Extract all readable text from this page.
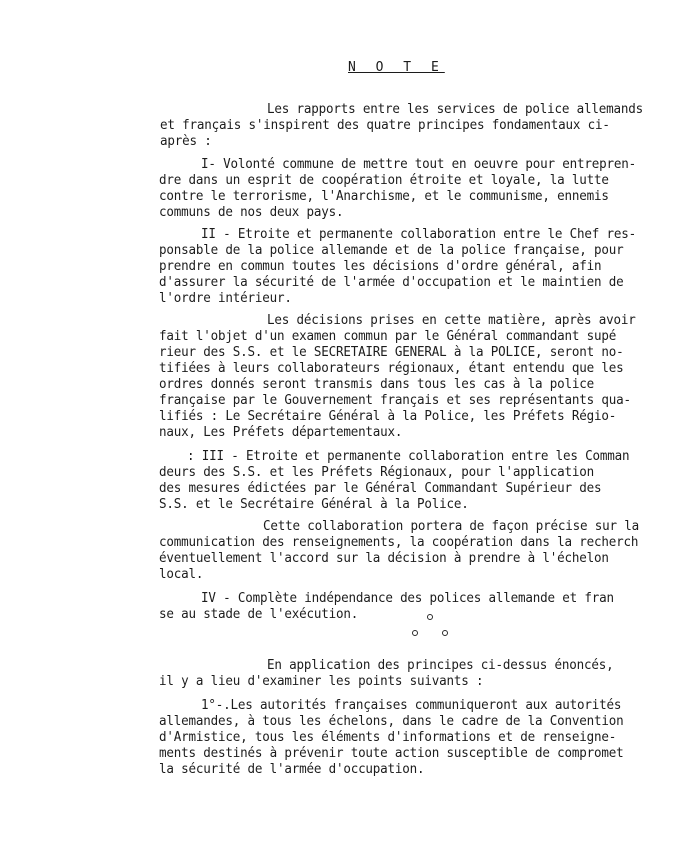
N O T E
Les rapports entre les services de police allemands
et français s'inspirent des quatre principes fondamentaux ci-
après :
I- Volonté commune de mettre tout en oeuvre pour entrepren-
dre dans un esprit de coopération étroite et loyale, la lutte
contre le terrorisme, l'Anarchisme, et le communisme, ennemis
communs de nos deux pays.
II - Etroite et permanente collaboration entre le Chef res-
ponsable de la police allemande et de la police française, pour
prendre en commun toutes les décisions d'ordre général, afin
d'assurer la sécurité de l'armée d'occupation et le maintien de
l'ordre intérieur.
Les décisions prises en cette matière, après avoir
fait l'objet d'un examen commun par le Général commandant supé
rieur des S.S. et le SECRETAIRE GENERAL à la POLICE, seront no-
tifiées à leurs collaborateurs régionaux, étant entendu que les
ordres donnés seront transmis dans tous les cas à la police
française par le Gouvernement français et ses représentants qua-
lifiés : Le Secrétaire Général à la Police, les Préfets Régio-
naux, Les Préfets départementaux.
: III - Etroite et permanente collaboration entre les Comman
deurs des S.S. et les Préfets Régionaux, pour l'application
des mesures édictées par le Général Commandant Supérieur des
S.S. et le Secrétaire Général à la Police.
Cette collaboration portera de façon précise sur la
communication des renseignements, la coopération dans la recherch
éventuellement l'accord sur la décision à prendre à l'échelon
local.
IV - Complète indépendance des polices allemande et fran
se au stade de l'exécution.
En application des principes ci-dessus énoncés,
il y a lieu d'examiner les points suivants :
1°-.Les autorités françaises communiqueront aux autorités
allemandes, à tous les échelons, dans le cadre de la Convention
d'Armistice, tous les éléments d'informations et de renseigne-
ments destinés à prévenir toute action susceptible de compromet
la sécurité de l'armée d'occupation.
